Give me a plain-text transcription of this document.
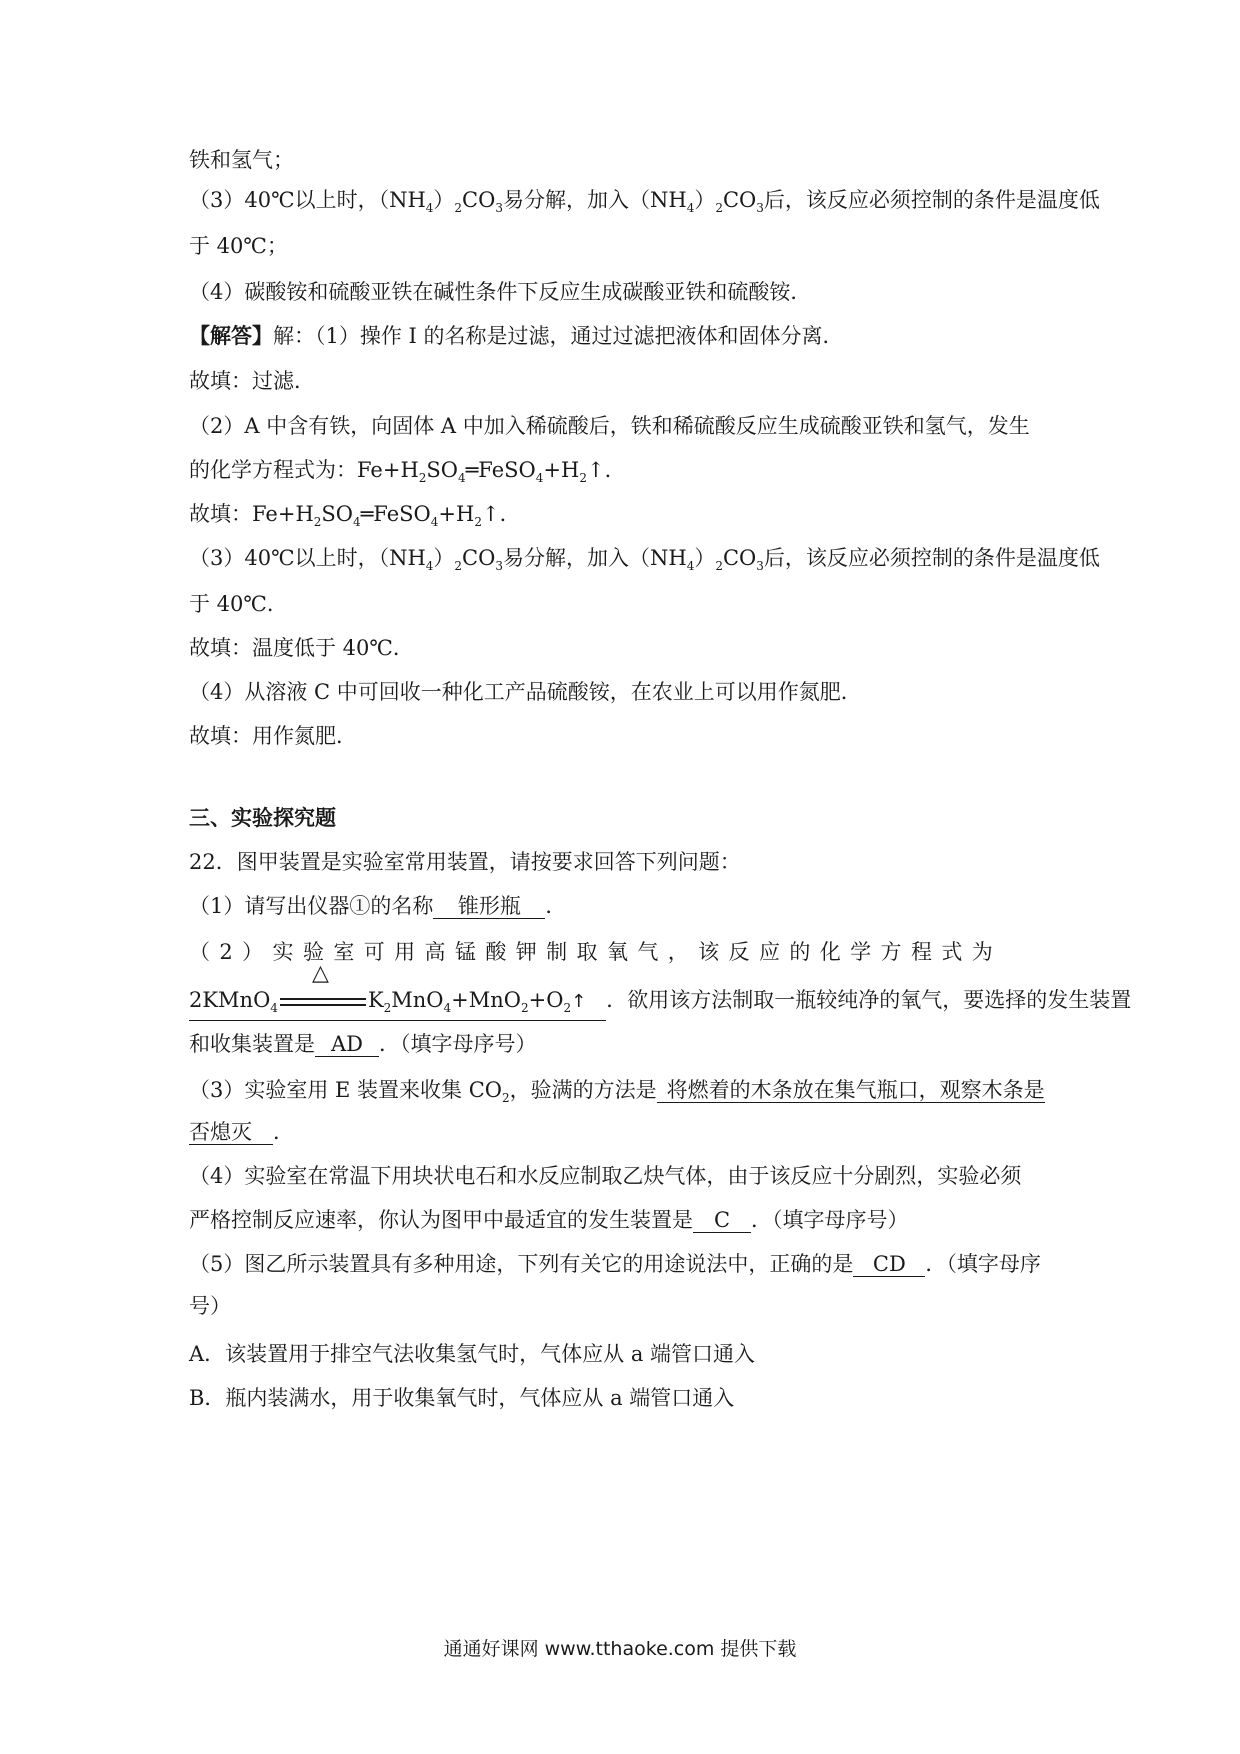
铁和氢气；
（3）40℃以上时，$(NH_4)_2CO_3$易分解，加入$(NH_4)_2CO_3$后，该反应必须控制的条件是温度低
于 40℃；
（4）碳酸铵和硫酸亚铁在碱性条件下反应生成碳酸亚铁和硫酸铵．
【解答】解：（1）操作 I 的名称是过滤，通过过滤把液体和固体分离．
故填：过滤．
（2）A 中含有铁，向固体 A 中加入稀硫酸后，铁和稀硫酸反应生成硫酸亚铁和氢气，发生
的化学方程式为：$Fe+H_2SO_4═FeSO_4+H_2↑$．
故填：$Fe+H_2SO_4═FeSO_4+H_2↑$．
（3）40℃以上时，$(NH_4)_2CO_3$易分解，加入$(NH_4)_2CO_3$后，该反应必须控制的条件是温度低
于 40℃．
故填：温度低于 40℃．
（4）从溶液 C 中可回收一种化工产品硫酸铵，在农业上可以用作氮肥．
故填：用作氮肥．
三、实验探究题
22．图甲装置是实验室常用装置，请按要求回答下列问题：
（1）请写出仪器①的名称 锥形瓶 ．
（2）实验室可用高锰酸钾制取氧气，该反应的化学方程式为
2KMnO$_4$
△
$K_2MnO_4+MnO_2+O_2↑$ ．欲用该方法制取一瓶较纯净的氧气，要选择的发生装置
和收集装置是 AD ．（填字母序号）
（3）实验室用 E 装置来收集 $CO_2$，验满的方法是 将燃着的木条放在集气瓶口，观察木条是
否熄灭 ．
（4）实验室在常温下用块状电石和水反应制取乙炔气体，由于该反应十分剧烈，实验必须
严格控制反应速率，你认为图甲中最适宜的发生装置是 C ．（填字母序号）
（5）图乙所示装置具有多种用途，下列有关它的用途说法中，正确的是 CD ．（填字母序
号）
A．该装置用于排空气法收集氢气时，气体应从 a 端管口通入
B．瓶内装满水，用于收集氧气时，气体应从 a 端管口通入
通通好课网 www.tthaoke.com 提供下载
